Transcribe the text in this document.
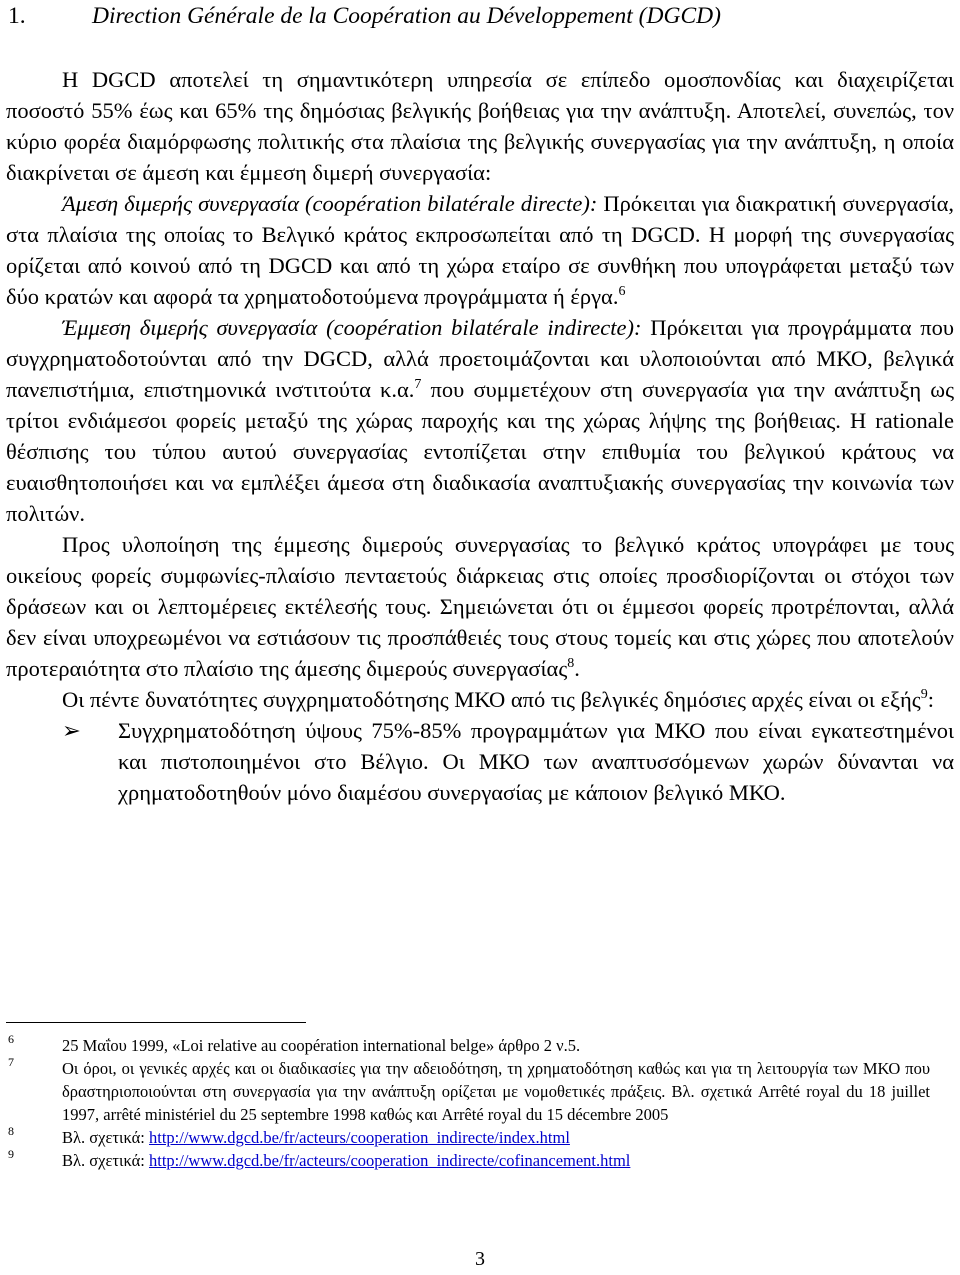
1.	Direction Générale de la Coopération au Développement (DGCD)

Η DGCD αποτελεί τη σημαντικότερη υπηρεσία σε επίπεδο ομοσπονδίας και διαχειρίζεται ποσοστό 55% έως και 65% της δημόσιας βελγικής βοήθειας για την ανάπτυξη. Αποτελεί, συνεπώς, τον κύριο φορέα διαμόρφωσης πολιτικής στα πλαίσια της βελγικής συνεργασίας για την ανάπτυξη, η οποία διακρίνεται σε άμεση και έμμεση διμερή συνεργασία:

Άμεση διμερής συνεργασία (coopération bilatérale directe): Πρόκειται για διακρατική συνεργασία, στα πλαίσια της οποίας το Βελγικό κράτος εκπροσωπείται από τη DGCD. Η μορφή της συνεργασίας ορίζεται από κοινού από τη DGCD και από τη χώρα εταίρο σε συνθήκη που υπογράφεται μεταξύ των δύο κρατών και αφορά τα χρηματοδοτούμενα προγράμματα ή έργα.$^6$

Έμμεση διμερής συνεργασία (coopération bilatérale indirecte): Πρόκειται για προγράμματα που συγχρηματοδοτούνται από την DGCD, αλλά προετοιμάζονται και υλοποιούνται από ΜΚΟ, βελγικά πανεπιστήμια, επιστημονικά ινστιτούτα κ.α.$^7$ που συμμετέχουν στη συνεργασία για την ανάπτυξη ως τρίτοι ενδιάμεσοι φορείς μεταξύ της χώρας παροχής και της χώρας λήψης της βοήθειας. Η rationale θέσπισης του τύπου αυτού συνεργασίας εντοπίζεται στην επιθυμία του βελγικού κράτους να ευαισθητοποιήσει και να εμπλέξει άμεσα στη διαδικασία αναπτυξιακής συνεργασίας την κοινωνία των πολιτών.

Προς υλοποίηση της έμμεσης διμερούς συνεργασίας το βελγικό κράτος υπογράφει με τους οικείους φορείς συμφωνίες-πλαίσιο πενταετούς διάρκειας στις οποίες προσδιορίζονται οι στόχοι των δράσεων και οι λεπτομέρειες εκτέλεσής τους. Σημειώνεται ότι οι έμμεσοι φορείς προτρέπονται, αλλά δεν είναι υποχρεωμένοι να εστιάσουν τις προσπάθειές τους στους τομείς και στις χώρες που αποτελούν προτεραιότητα στο πλαίσιο της άμεσης διμερούς συνεργασίας$^8$.

Οι πέντε δυνατότητες συγχρηματοδότησης ΜΚΟ από τις βελγικές δημόσιες αρχές είναι οι εξής$^9$:

➢ Συγχρηματοδότηση ύψους 75%-85% προγραμμάτων για ΜΚΟ που είναι εγκατεστημένοι και πιστοποιημένοι στο Βέλγιο. Οι ΜΚΟ των αναπτυσσόμενων χωρών δύνανται να χρηματοδοτηθούν μόνο διαμέσου συνεργασίας με κάποιον βελγικό ΜΚΟ.

6	25 Μαΐου 1999, «Loi relative au coopération international belge» άρθρο 2 ν.5.

7	Οι όροι, οι γενικές αρχές και οι διαδικασίες για την αδειοδότηση, τη χρηματοδότηση καθώς και για τη λειτουργία των ΜΚΟ που δραστηριοποιούνται στη συνεργασία για την ανάπτυξη ορίζεται με νομοθετικές πράξεις. Βλ. σχετικά Arrêté royal du 18 juillet 1997, arrêté ministériel du 25 septembre 1998 καθώς και Arrêté royal du 15 décembre 2005

8	Βλ. σχετικά: http://www.dgcd.be/fr/acteurs/cooperation_indirecte/index.html

9	Βλ. σχετικά: http://www.dgcd.be/fr/acteurs/cooperation_indirecte/cofinancement.html

3
